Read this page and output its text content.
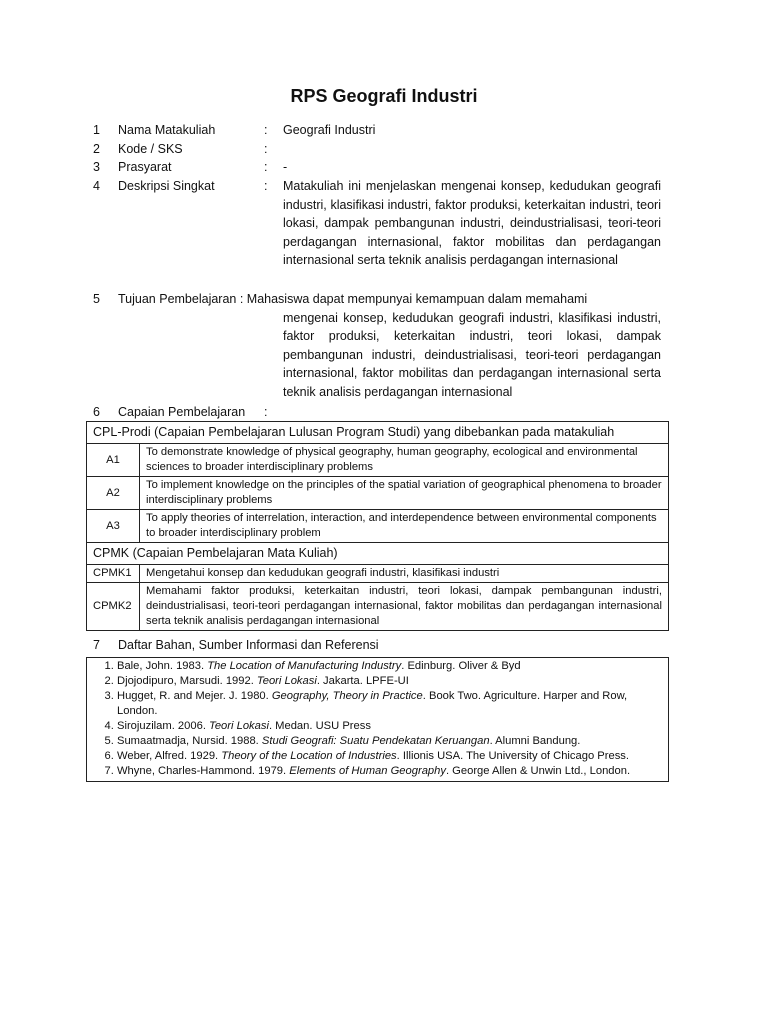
RPS Geografi Industri
1	Nama Matakuliah	: Geografi Industri
2	Kode / SKS	:
3	Prasyarat	: -
4	Deskripsi Singkat	: Matakuliah ini menjelaskan mengenai konsep, kedudukan geografi industri, klasifikasi industri, faktor produksi, keterkaitan industri, teori lokasi, dampak pembangunan industri, deindustrialisasi, teori-teori perdagangan internasional, faktor mobilitas dan perdagangan internasional serta teknik analisis perdagangan internasional
5	Tujuan Pembelajaran : Mahasiswa dapat mempunyai kemampuan dalam memahami
mengenai konsep, kedudukan geografi industri, klasifikasi industri, faktor produksi, keterkaitan industri, teori lokasi, dampak pembangunan industri, deindustrialisasi, teori-teori perdagangan internasional, faktor mobilitas dan perdagangan internasional serta teknik analisis perdagangan internasional
6	Capaian Pembelajaran	:
CPL-Prodi (Capaian Pembelajaran Lulusan Program Studi) yang dibebankan pada matakuliah	
A1	To demonstrate knowledge of physical geography, human geography, ecological and environmental sciences to broader interdisciplinary problems
A2	To implement knowledge on the principles of the spatial variation of geographical phenomena to broader interdisciplinary problems
A3	To apply theories of interrelation, interaction, and interdependence between environmental components to broader interdisciplinary problem
CPMK (Capaian Pembelajaran Mata Kuliah)	
CPMK1	Mengetahui konsep dan kedudukan geografi industri, klasifikasi industri
CPMK2	Memahami faktor produksi, keterkaitan industri, teori lokasi, dampak pembangunan industri, deindustrialisasi, teori-teori perdagangan internasional, faktor mobilitas dan perdagangan internasional serta teknik analisis perdagangan internasional
7 Daftar Bahan, Sumber Informasi dan Referensi
1. Bale, John. 1983. The Location of Manufacturing Industry. Edinburg. Oliver & Byd
2. Djojodipuro, Marsudi. 1992. Teori Lokasi. Jakarta. LPFE-UI
3. Hugget, R. and Mejer. J. 1980. Geography, Theory in Practice. Book Two. Agriculture. Harper and Row, London.
4. Sirojuzilam. 2006. Teori Lokasi. Medan. USU Press
5. Sumaatmadja, Nursid. 1988. Studi Geografi: Suatu Pendekatan Keruangan. Alumni Bandung.
6. Weber, Alfred. 1929. Theory of the Location of Industries. Illionis USA. The University of Chicago Press.
7. Whyne, Charles-Hammond. 1979. Elements of Human Geography. George Allen & Unwin Ltd., London.
